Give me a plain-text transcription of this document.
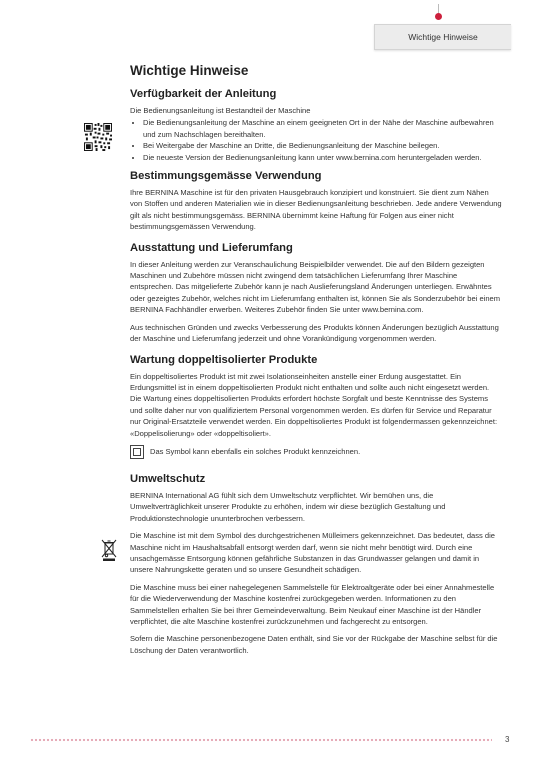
Wichtige Hinweise
Wichtige Hinweise
Verfügbarkeit der Anleitung

Die Bedienungsanleitung ist Bestandteil der Maschine

• Die Bedienungsanleitung der Maschine an einem geeigneten Ort in der Nähe der Maschine aufbewahren und zum Nachschlagen bereithalten.
• Bei Weitergabe der Maschine an Dritte, die Bedienungsanleitung der Maschine beilegen.
• Die neueste Version der Bedienungsanleitung kann unter www.bernina.com heruntergeladen werden.
Bestimmungsgemässe Verwendung

Ihre BERNINA Maschine ist für den privaten Hausgebrauch konzipiert und konstruiert. Sie dient zum Nähen von Stoffen und anderen Materialien wie in dieser Bedienungsanleitung beschrieben. Jede andere Verwendung gilt als nicht bestimmungsgemäss. BERNINA übernimmt keine Haftung für Folgen aus einer nicht bestimmungsgemässen Verwendung.

Ausstattung und Lieferumfang

In dieser Anleitung werden zur Veranschaulichung Beispielbilder verwendet. Die auf den Bildern gezeigten Maschinen und Zubehöre müssen nicht zwingend dem tatsächlichen Lieferumfang Ihrer Maschine entsprechen. Das mitgelieferte Zubehör kann je nach Auslieferungsland Änderungen unterliegen. Erwähntes oder gezeigtes Zubehör, welches nicht im Lieferumfang enthalten ist, können Sie als Sonderzubehör bei einem BERNINA Fachhändler erwerben. Weiteres Zubehör finden Sie unter www.bernina.com.

Aus technischen Gründen und zwecks Verbesserung des Produkts können Änderungen bezüglich Ausstattung der Maschine und Lieferumfang jederzeit und ohne Vorankündigung vorgenommen werden.

Wartung doppeltisolierter Produkte

Ein doppeltisoliertes Produkt ist mit zwei Isolationseinheiten anstelle einer Erdung ausgestattet. Ein Erdungsmittel ist in einem doppeltisolierten Produkt nicht enthalten und sollte auch nicht eingesetzt werden. Die Wartung eines doppeltisolierten Produkts erfordert höchste Sorgfalt und beste Kenntnisse des Systems und sollte daher nur von qualifiziertem Personal vorgenommen werden. Es dürfen für Service und Reparatur nur Original-Ersatzteile verwendet werden. Ein doppeltisoliertes Produkt ist folgendermassen gekennzeichnet: «Doppelisolierung» oder «doppeltisoliert».

Das Symbol kann ebenfalls ein solches Produkt kennzeichnen.

Umweltschutz

BERNINA International AG fühlt sich dem Umweltschutz verpflichtet. Wir bemühen uns, die Umweltverträglichkeit unserer Produkte zu erhöhen, indem wir diese bezüglich Gestaltung und Produktionstechnologie ununterbrochen verbessern.

Die Maschine ist mit dem Symbol des durchgestrichenen Mülleimers gekennzeichnet. Das bedeutet, dass die Maschine nicht im Haushaltsabfall entsorgt werden darf, wenn sie nicht mehr benötigt wird. Durch eine unsachgemässe Entsorgung können gefährliche Substanzen in das Grundwasser gelangen und damit in unsere Nahrungskette geraten und so unsere Gesundheit schädigen.

Die Maschine muss bei einer nahegelegenen Sammelstelle für Elektroaltgeräte oder bei einer Annahmestelle für die Wiederverwendung der Maschine kostenfrei zurückgegeben werden. Informationen zu den Sammelstellen erhalten Sie bei Ihrer Gemeindeverwaltung. Beim Neukauf einer Maschine ist der Händler verpflichtet, die alte Maschine kostenfrei zurückzunehmen und fachgerecht zu entsorgen.

Sofern die Maschine personenbezogene Daten enthält, sind Sie vor der Rückgabe der Maschine selbst für die Löschung der Daten verantwortlich.

3
